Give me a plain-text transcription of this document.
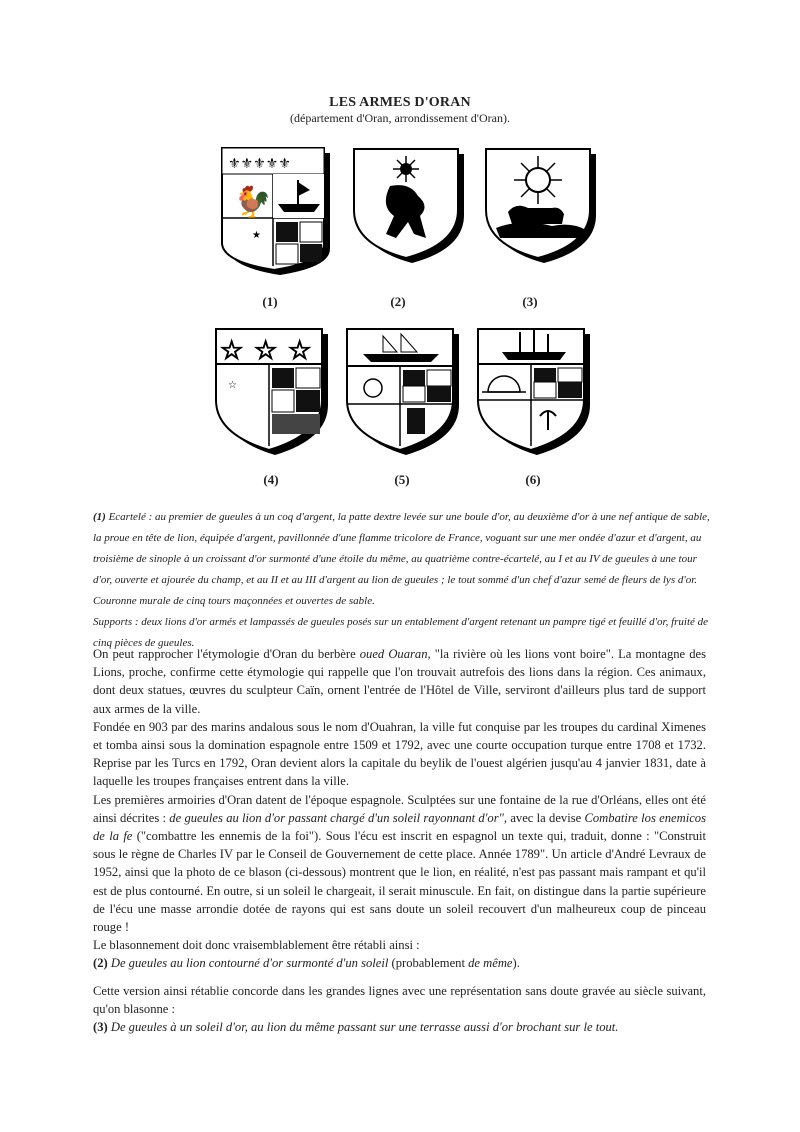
LES ARMES D'ORAN
(département d'Oran, arrondissement d'Oran).
⚜⚜⚜⚜⚜
🐓
★
(1)	(2)	(3)
☆ ☆ ☆
☆
(4)	(5)	(6)
(1) Ecartelé : au premier de gueules à un coq d'argent, la patte dextre levée sur une boule d'or, au deuxième d'or à une nef antique de sable, la proue en tête de lion, équipée d'argent, pavillonnée d'une flamme tricolore de France, voguant sur une mer ondée d'azur et d'argent, au troisième de sinople à un croissant d'or surmonté d'une étoile du même, au quatrième contre-écartelé, au I et au IV de gueules à une tour d'or, ouverte et ajourée du champ, et au II et au III d'argent au lion de gueules ; le tout sommé d'un chef d'azur semé de fleurs de lys d'or.
Couronne murale de cinq tours maçonnées et ouvertes de sable.
Supports : deux lions d'or armés et lampassés de gueules posés sur un entablement d'argent retenant un pampre tigé et feuillé d'or, fruité de cinq pièces de gueules.

On peut rapprocher l'étymologie d'Oran du berbère oued Ouaran, "la rivière où les lions vont boire". La montagne des Lions, proche, confirme cette étymologie qui rappelle que l'on trouvait autrefois des lions dans la région. Ces animaux, dont deux statues, œuvres du sculpteur Caïn, ornent l'entrée de l'Hôtel de Ville, serviront d'ailleurs plus tard de support aux armes de la ville.

Fondée en 903 par des marins andalous sous le nom d'Ouahran, la ville fut conquise par les troupes du cardinal Ximenes et tomba ainsi sous la domination espagnole entre 1509 et 1792, avec une courte occupation turque entre 1708 et 1732. Reprise par les Turcs en 1792, Oran devient alors la capitale du beylik de l'ouest algérien jusqu'au 4 janvier 1831, date à laquelle les troupes françaises entrent dans la ville.

Les premières armoiries d'Oran datent de l'époque espagnole. Sculptées sur une fontaine de la rue d'Orléans, elles ont été ainsi décrites : de gueules au lion d'or passant chargé d'un soleil rayonnant d'or", avec la devise Combatire los enemicos de la fe ("combattre les ennemis de la foi"). Sous l'écu est inscrit en espagnol un texte qui, traduit, donne : "Construit sous le règne de Charles IV par le Conseil de Gouvernement de cette place. Année 1789". Un article d'André Levraux de 1952, ainsi que la photo de ce blason (ci-dessous) montrent que le lion, en réalité, n'est pas passant mais rampant et qu'il est de plus contourné. En outre, si un soleil le chargeait, il serait minuscule. En fait, on distingue dans la partie supérieure de l'écu une masse arrondie dotée de rayons qui est sans doute un soleil recouvert d'un malheureux coup de pinceau rouge !

Le blasonnement doit donc vraisemblablement être rétabli ainsi :

(2) De gueules au lion contourné d'or surmonté d'un soleil (probablement de même).

Cette version ainsi rétablie concorde dans les grandes lignes avec une représentation sans doute gravée au siècle suivant, qu'on blasonne :

(3) De gueules à un soleil d'or, au lion du même passant sur une terrasse aussi d'or brochant sur le tout.
